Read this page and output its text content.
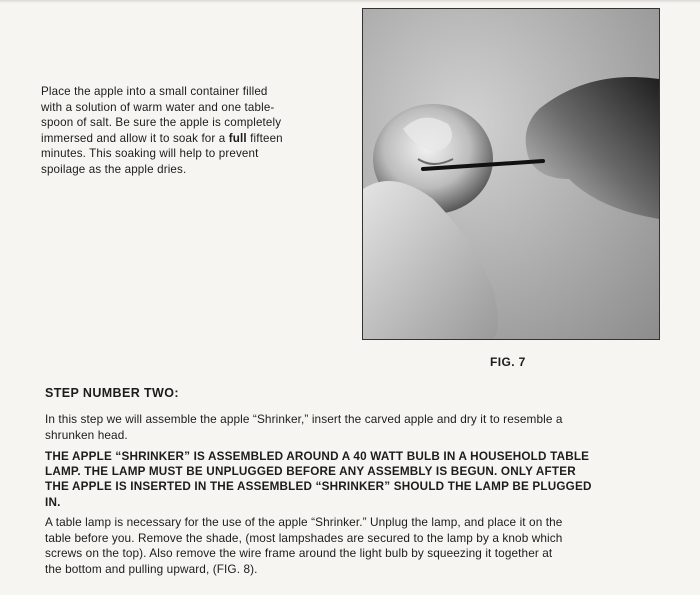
Place the apple into a small container filled
with a solution of warm water and one table-
spoon of salt. Be sure the apple is completely
immersed and allow it to soak for a full fifteen
minutes. This soaking will help to prevent
spoilage as the apple dries.
FIG. 7
STEP NUMBER TWO:
In this step we will assemble the apple “Shrinker,” insert the carved apple and dry it to resemble a
shrunken head.
THE APPLE “SHRINKER” IS ASSEMBLED AROUND A 40 WATT BULB IN A HOUSEHOLD TABLE
LAMP. THE LAMP MUST BE UNPLUGGED BEFORE ANY ASSEMBLY IS BEGUN. ONLY AFTER
THE APPLE IS INSERTED IN THE ASSEMBLED “SHRINKER” SHOULD THE LAMP BE PLUGGED
IN.
A table lamp is necessary for the use of the apple “Shrinker.” Unplug the lamp, and place it on the
table before you. Remove the shade, (most lampshades are secured to the lamp by a knob which
screws on the top). Also remove the wire frame around the light bulb by squeezing it together at
the bottom and pulling upward, (FIG. 8).
